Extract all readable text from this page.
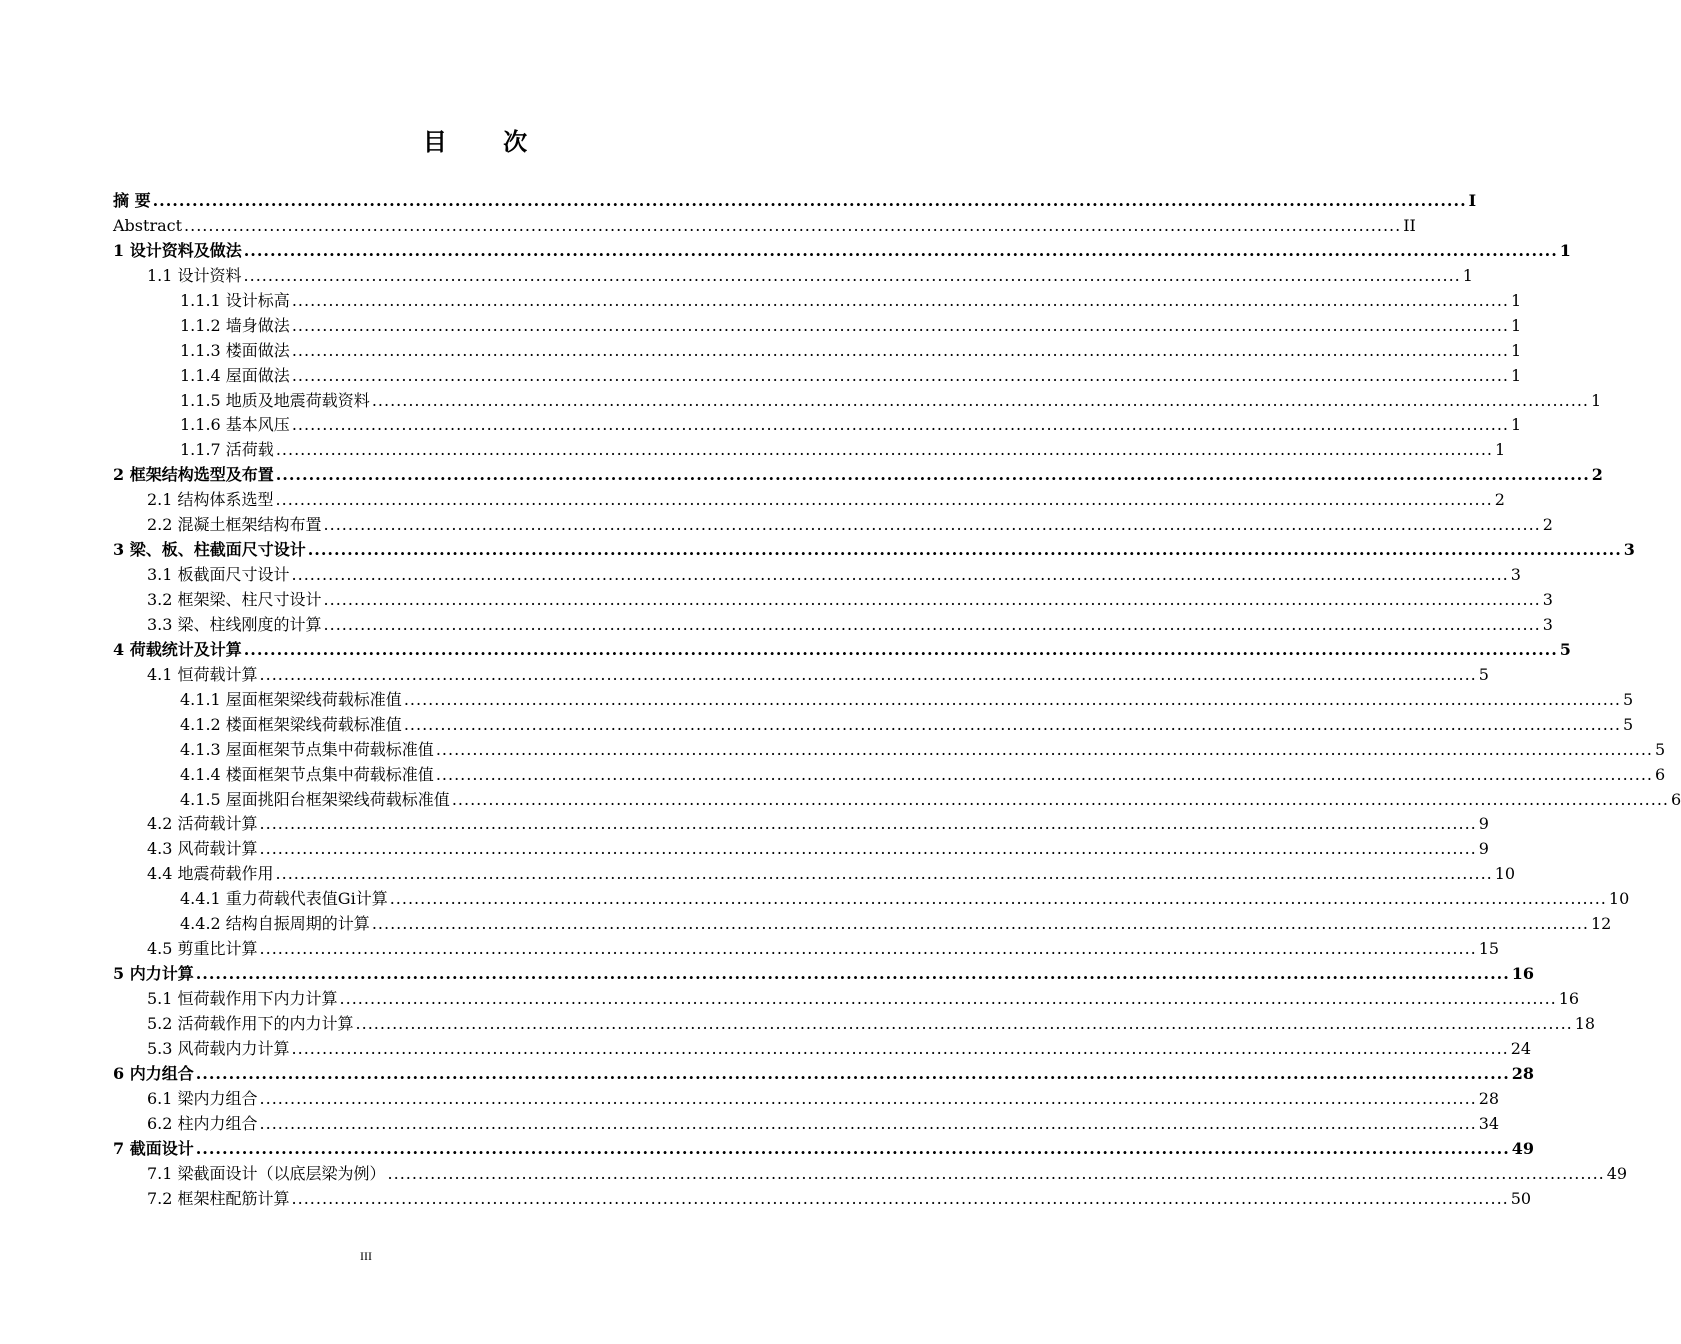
目 次
摘 要 ........................................................................................................................................................................................................ I
Abstract ........................................................................................................................................................................................................ II
1 设计资料及做法 ........................................................................................................................................................................................................ 1
1.1 设计资料 ........................................................................................................................................................................................................ 1
1.1.1 设计标高 ........................................................................................................................................................................................................ 1
1.1.2 墙身做法 ........................................................................................................................................................................................................ 1
1.1.3 楼面做法 ........................................................................................................................................................................................................ 1
1.1.4 屋面做法 ........................................................................................................................................................................................................ 1
1.1.5 地质及地震荷载资料 ........................................................................................................................................................................................................ 1
1.1.6 基本风压 ........................................................................................................................................................................................................ 1
1.1.7 活荷载 ........................................................................................................................................................................................................ 1
2 框架结构选型及布置 ........................................................................................................................................................................................................ 2
2.1 结构体系选型 ........................................................................................................................................................................................................ 2
2.2 混凝土框架结构布置 ........................................................................................................................................................................................................ 2
3 梁、板、柱截面尺寸设计 ........................................................................................................................................................................................................ 3
3.1 板截面尺寸设计 ........................................................................................................................................................................................................ 3
3.2 框架梁、柱尺寸设计 ........................................................................................................................................................................................................ 3
3.3 梁、柱线刚度的计算 ........................................................................................................................................................................................................ 3
4 荷载统计及计算 ........................................................................................................................................................................................................ 5
4.1 恒荷载计算 ........................................................................................................................................................................................................ 5
4.1.1 屋面框架梁线荷载标准值 ........................................................................................................................................................................................................ 5
4.1.2 楼面框架梁线荷载标准值 ........................................................................................................................................................................................................ 5
4.1.3 屋面框架节点集中荷载标准值 ........................................................................................................................................................................................................ 5
4.1.4 楼面框架节点集中荷载标准值 ........................................................................................................................................................................................................ 6
4.1.5 屋面挑阳台框架梁线荷载标准值 ........................................................................................................................................................................................................ 6
4.2 活荷载计算 ........................................................................................................................................................................................................ 9
4.3 风荷载计算 ........................................................................................................................................................................................................ 9
4.4 地震荷载作用 ........................................................................................................................................................................................................ 10
4.4.1 重力荷载代表值Gi计算 ........................................................................................................................................................................................................ 10
4.4.2 结构自振周期的计算 ........................................................................................................................................................................................................ 12
4.5 剪重比计算 ........................................................................................................................................................................................................ 15
5 内力计算 ........................................................................................................................................................................................................ 16
5.1 恒荷载作用下内力计算 ........................................................................................................................................................................................................ 16
5.2 活荷载作用下的内力计算 ........................................................................................................................................................................................................ 18
5.3 风荷载内力计算 ........................................................................................................................................................................................................ 24
6 内力组合 ........................................................................................................................................................................................................ 28
6.1 梁内力组合 ........................................................................................................................................................................................................ 28
6.2 柱内力组合 ........................................................................................................................................................................................................ 34
7 截面设计 ........................................................................................................................................................................................................ 49
7.1 梁截面设计（以底层梁为例） ........................................................................................................................................................................................................ 49
7.2 框架柱配筋计算 ........................................................................................................................................................................................................ 50
III
